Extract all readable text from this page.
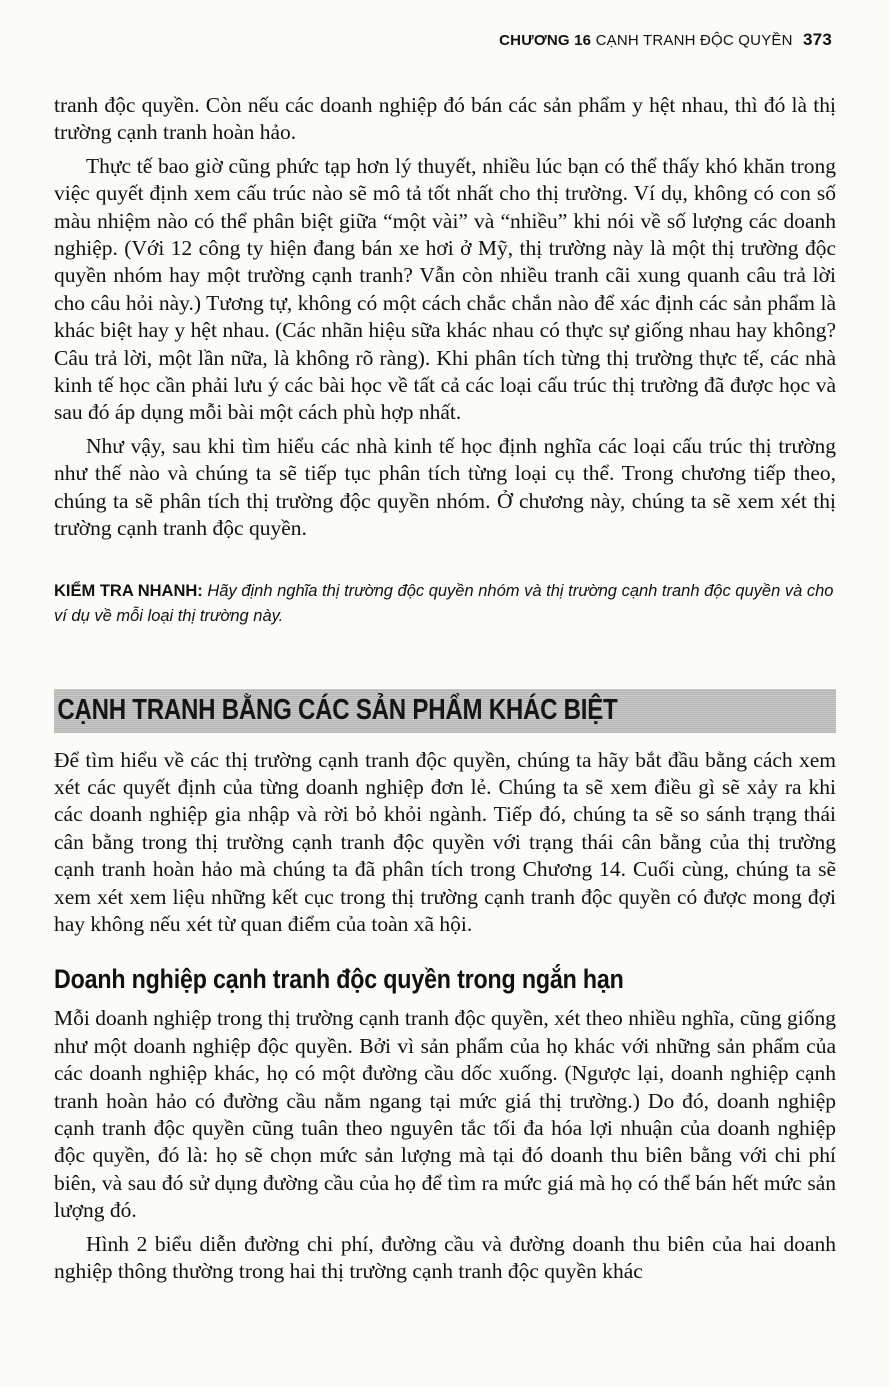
CHƯƠNG 16 CẠNH TRANH ĐỘC QUYỀN 373

tranh độc quyền. Còn nếu các doanh nghiệp đó bán các sản phẩm y hệt nhau, thì đó là thị trường cạnh tranh hoàn hảo.

Thực tế bao giờ cũng phức tạp hơn lý thuyết, nhiều lúc bạn có thể thấy khó khăn trong việc quyết định xem cấu trúc nào sẽ mô tả tốt nhất cho thị trường. Ví dụ, không có con số màu nhiệm nào có thể phân biệt giữa “một vài” và “nhiều” khi nói về số lượng các doanh nghiệp. (Với 12 công ty hiện đang bán xe hơi ở Mỹ, thị trường này là một thị trường độc quyền nhóm hay một trường cạnh tranh? Vẫn còn nhiều tranh cãi xung quanh câu trả lời cho câu hỏi này.) Tương tự, không có một cách chắc chắn nào để xác định các sản phẩm là khác biệt hay y hệt nhau. (Các nhãn hiệu sữa khác nhau có thực sự giống nhau hay không? Câu trả lời, một lần nữa, là không rõ ràng). Khi phân tích từng thị trường thực tế, các nhà kinh tế học cần phải lưu ý các bài học về tất cả các loại cấu trúc thị trường đã được học và sau đó áp dụng mỗi bài một cách phù hợp nhất.

Như vậy, sau khi tìm hiểu các nhà kinh tế học định nghĩa các loại cấu trúc thị trường như thế nào và chúng ta sẽ tiếp tục phân tích từng loại cụ thể. Trong chương tiếp theo, chúng ta sẽ phân tích thị trường độc quyền nhóm. Ở chương này, chúng ta sẽ xem xét thị trường cạnh tranh độc quyền.

KIỂM TRA NHANH: Hãy định nghĩa thị trường độc quyền nhóm và thị trường cạnh tranh độc quyền và cho ví dụ về mỗi loại thị trường này.
CẠNH TRANH BẰNG CÁC SẢN PHẨM KHÁC BIỆT

Để tìm hiểu về các thị trường cạnh tranh độc quyền, chúng ta hãy bắt đầu bằng cách xem xét các quyết định của từng doanh nghiệp đơn lẻ. Chúng ta sẽ xem điều gì sẽ xảy ra khi các doanh nghiệp gia nhập và rời bỏ khỏi ngành. Tiếp đó, chúng ta sẽ so sánh trạng thái cân bằng trong thị trường cạnh tranh độc quyền với trạng thái cân bằng của thị trường cạnh tranh hoàn hảo mà chúng ta đã phân tích trong Chương 14. Cuối cùng, chúng ta sẽ xem xét xem liệu những kết cục trong thị trường cạnh tranh độc quyền có được mong đợi hay không nếu xét từ quan điểm của toàn xã hội.

Doanh nghiệp cạnh tranh độc quyền trong ngắn hạn

Mỗi doanh nghiệp trong thị trường cạnh tranh độc quyền, xét theo nhiều nghĩa, cũng giống như một doanh nghiệp độc quyền. Bởi vì sản phẩm của họ khác với những sản phẩm của các doanh nghiệp khác, họ có một đường cầu dốc xuống. (Ngược lại, doanh nghiệp cạnh tranh hoàn hảo có đường cầu nằm ngang tại mức giá thị trường.) Do đó, doanh nghiệp cạnh tranh độc quyền cũng tuân theo nguyên tắc tối đa hóa lợi nhuận của doanh nghiệp độc quyền, đó là: họ sẽ chọn mức sản lượng mà tại đó doanh thu biên bằng với chi phí biên, và sau đó sử dụng đường cầu của họ để tìm ra mức giá mà họ có thể bán hết mức sản lượng đó.

Hình 2 biểu diễn đường chi phí, đường cầu và đường doanh thu biên của hai doanh nghiệp thông thường trong hai thị trường cạnh tranh độc quyền khác
